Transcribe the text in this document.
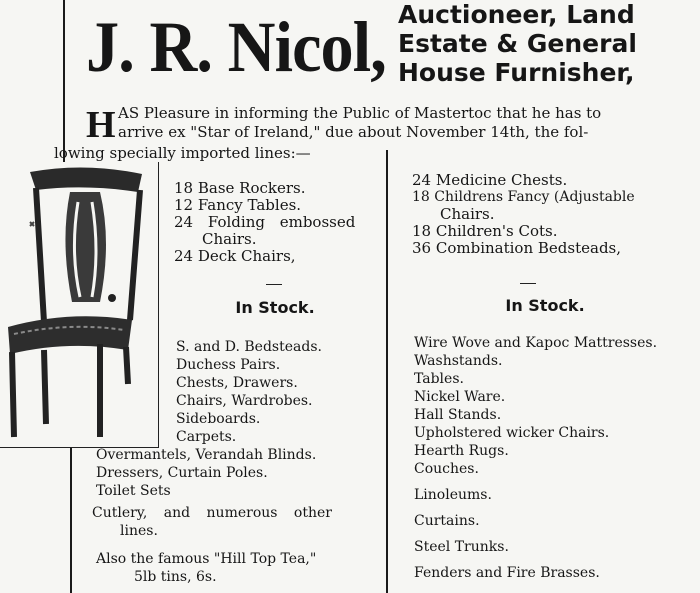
J. R. Nicol, Auctioneer, Land
Estate & General
House Furnisher,
H AS Pleasure in informing the Public of Mastertoc that he has to
arrive ex "Star of Ireland," due about November 14th, the fol-
lowing specially imported lines:—

18 Base Rockers.

12 Fancy Tables.

24 Folding embossed

Chairs.

24 Deck Chairs,

24 Medicine Chests.

18 Childrens Fancy (Adjustable

Chairs.

18 Children's Cots.

36 Combination Bedsteads,

In Stock.	In Stock.

S. and D. Bedsteads.

Duchess Pairs.

Chests, Drawers.

Chairs, Wardrobes.

Sideboards.

Carpets.

Overmantels, Verandah Blinds.

Dressers, Curtain Poles.

Toilet Sets

Cutlery, and numerous other

lines.

Also the famous "Hill Top Tea,"

5lb tins, 6s.

Wire Wove and Kapoc Mattresses.

Washstands.

Tables.

Nickel Ware.

Hall Stands.

Upholstered wicker Chairs.

Hearth Rugs.

Couches.

Linoleums.

Curtains.

Steel Trunks.

Fenders and Fire Brasses.
